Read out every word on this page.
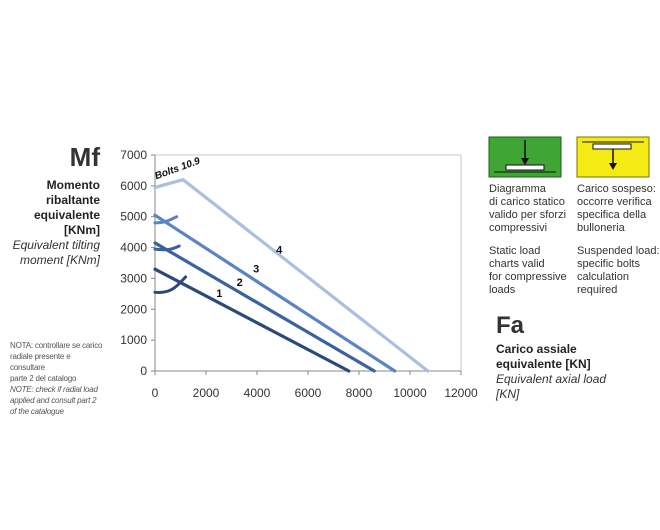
0
1000
2000
3000
4000
5000
6000
7000
0	2000 4000 6000 8000 10000 12000
1
2
3
4
Bolts 10.9
Mf
Momento
ribaltante
equivalente
[KNm]
Equivalent tilting
moment [KNm]
NOTA: controllare se carico
radiale presente e consultare
parte 2 del catalogo
NOTE: check if radial load
applied and consult part 2
of the catalogue
Diagramma
di carico statico
valido per sforzi
compressivi
Static load
charts valid
for compressive
loads
Carico sospeso:
occorre verifica
specifica della
bulloneria
Suspended load:
specific bolts
calculation
required
Fa
Carico assiale
equivalente [KN]
Equivalent axial load
[KN]
